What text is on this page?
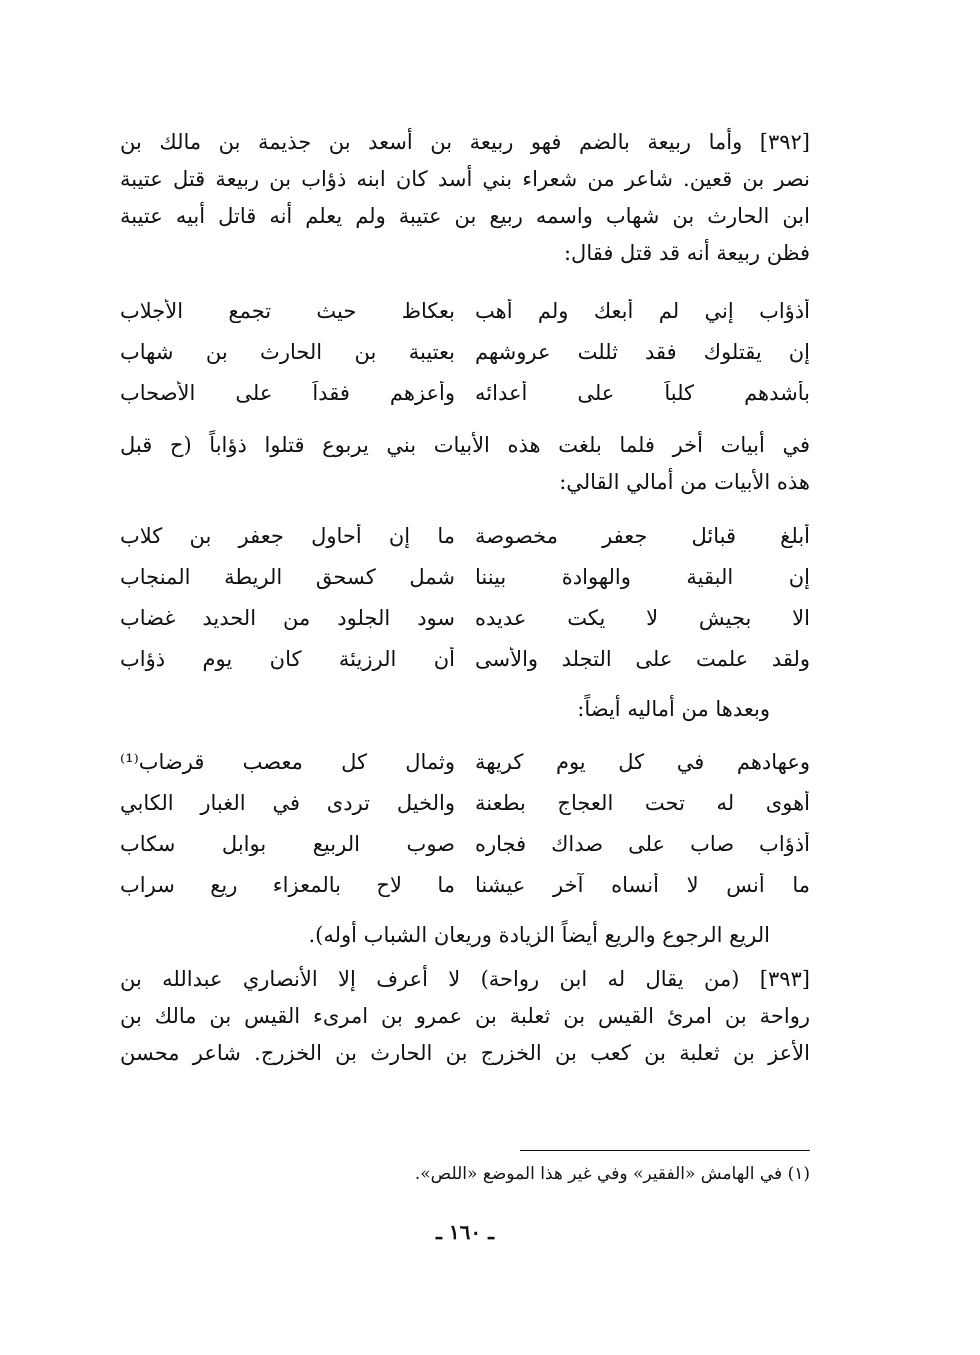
[٣٩٢] وأما ربيعة بالضم فهو ربيعة بن أسعد بن جذيمة بن مالك بن
نصر بن قعين. شاعر من شعراء بني أسد كان ابنه ذؤاب بن ربيعة قتل عتيبة
ابن الحارث بن شهاب واسمه ربيع بن عتيبة ولم يعلم أنه قاتل أبيه عتيبة
فظن ربيعة أنه قد قتل فقال:

أذؤاب إني لم أبعك ولم أهب
بعكاظ حيث تجمع الأجلاب
إن يقتلوك فقد ثللت عروشهم
بعتيبة بن الحارث بن شهاب
بأشدهم كلباً على أعدائه
وأعزهم فقداً على الأصحاب

في أبيات أخر فلما بلغت هذه الأبيات بني يربوع قتلوا ذؤاباً (ح قبل
هذه الأبيات من أمالي القالي:

أبلغ قبائل جعفر مخصوصة
ما إن أحاول جعفر بن كلاب
إن البقية والهوادة بيننا
شمل كسحق الريطة المنجاب
الا بجيش لا يكت عديده
سود الجلود من الحديد غضاب
ولقد علمت على التجلد والأسى
أن الرزيئة كان يوم ذؤاب
وبعدها من أماليه أيضاً:
وعهادهم في كل يوم كريهة
وثمال كل معصب قرضاب⁽¹⁾
أهوى له تحت العجاج بطعنة
والخيل تردى في الغبار الكابي
أذؤاب صاب على صداك فجاره
صوب الربيع بوابل سكاب
ما أنس لا أنساه آخر عيشنا
ما لاح بالمعزاء ريع سراب
الريع الرجوع والريع أيضاً الزيادة وريعان الشباب أوله).

[٣٩٣] (من يقال له ابن رواحة) لا أعرف إلا الأنصاري عبدالله بن
رواحة بن امرئ القيس بن ثعلبة بن عمرو بن امرىء القيس بن مالك بن
الأعز بن ثعلبة بن كعب بن الخزرج بن الحارث بن الخزرج. شاعر محسن

(١) في الهامش «الفقير» وفي غير هذا الموضع «اللص».
ـ ١٦٠ ـ
